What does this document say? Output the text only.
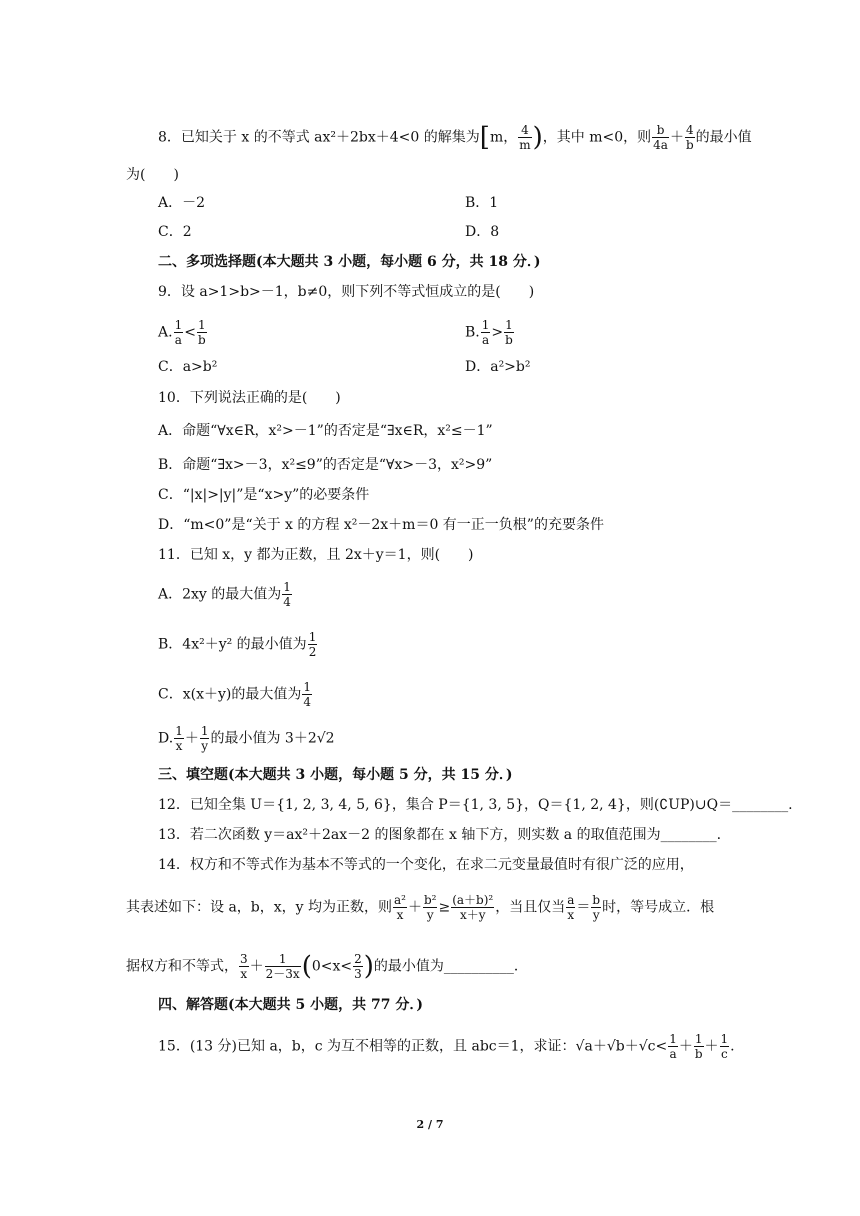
8．已知关于 x 的不等式 ax²＋2bx＋4<0 的解集为[m， $\frac{4}{m}$ )，其中 m<0，则 $\frac{b}{4a} + \frac{4}{b}$ 的最小值
为(　　)
A．－2	B．1
C．2	D．8
二、多项选择题(本大题共 3 小题，每小题 6 分，共 18 分．)
9．设 a>1>b>－1，b≠0，则下列不等式恒成立的是(　　)
A. $\frac{1}{a} < \frac{1}{b}$	B. $\frac{1}{a} > \frac{1}{b}$
C．a>b²	D．a²>b²
10．下列说法正确的是(　　)
A．命题“∀x∈R，x²>－1”的否定是“∃x∈R，x²≤－1”
B．命题“∃x>－3，x²≤9”的否定是“∀x>－3，x²>9”
C．“|x|>|y|”是“x>y”的必要条件
D．“m<0”是“关于 x 的方程 x²－2x＋m＝0 有一正一负根”的充要条件
11．已知 x，y 都为正数，且 2x＋y＝1，则(　　)
A．2xy 的最大值为 $\frac{1}{4}$
B．4x²＋y² 的最小值为 $\frac{1}{2}$
C．x(x＋y)的最大值为 $\frac{1}{4}$
D. $\frac{1}{x} + \frac{1}{y}$ 的最小值为 3＋2√2
三、填空题(本大题共 3 小题，每小题 5 分，共 15 分．)
12．已知全集 U＝{1, 2, 3, 4, 5, 6}，集合 P＝{1, 3, 5}，Q＝{1, 2, 4}，则(∁UP)∪Q＝________.
13．若二次函数 y＝ax²＋2ax－2 的图象都在 x 轴下方，则实数 a 的取值范围为________.
14．权方和不等式作为基本不等式的一个变化，在求二元变量最值时有很广泛的应用，
其表述如下：设 a，b，x，y 均为正数，则 $\frac{\text{a²}}{x} + \frac{\text{b²}}{y} \ge \frac{\text{(a＋b)²}}{x+y}$ ，当且仅当 $\frac{a}{x} = \frac{b}{y}$ 时，等号成立．根
据权方和不等式， $\frac{3}{x} + \frac{1}{2-3x} (0<x< \frac{2}{3}$ )的最小值为__________．
四、解答题(本大题共 5 小题，共 77 分．)
15．(13 分)已知 a，b，c 为互不相等的正数，且 abc＝1，求证：$√a+√b+√c< \frac{1}{a} + \frac{1}{b} + \frac{1}{c}$ .
2 / 7
